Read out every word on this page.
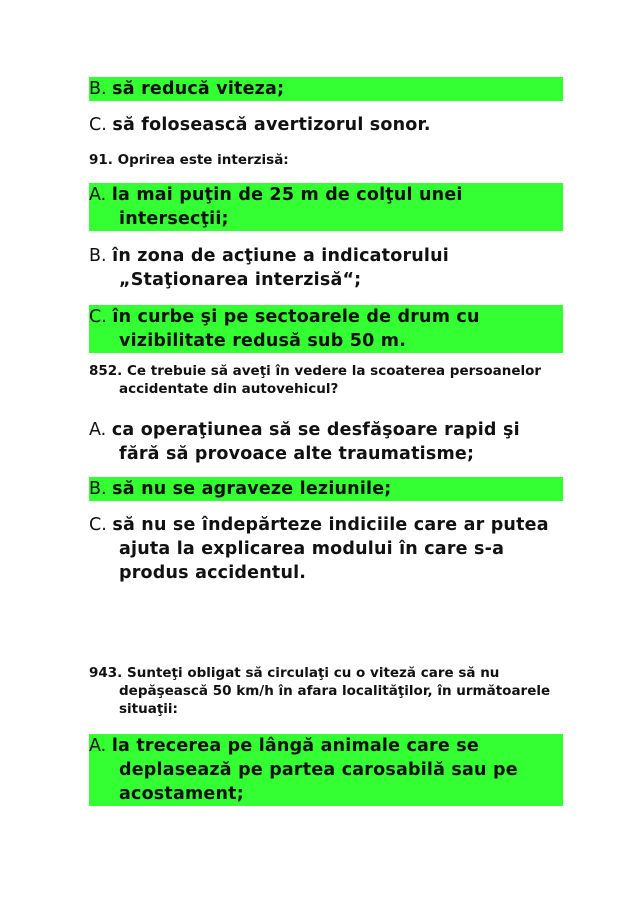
B. să reducă viteza;
C. să folosească avertizorul sonor.
91. Oprirea este interzisă:
A. la mai puţin de 25 m de colţul unei intersecţii;
B. în zona de acţiune a indicatorului „Staţionarea interzisă“;
C. în curbe şi pe sectoarele de drum cu vizibilitate redusă sub 50 m.
852. Ce trebuie să aveţi în vedere la scoaterea persoanelor accidentate din autovehicul?
A. ca operaţiunea să se desfăşoare rapid şi fără să provoace alte traumatisme;
B. să nu se agraveze leziunile;
C. să nu se îndepărteze indiciile care ar putea ajuta la explicarea modului în care s-a produs accidentul.
943. Sunteţi obligat să circulaţi cu o viteză care să nu depăşească 50 km/h în afara localităţilor, în următoarele situaţii:
A. la trecerea pe lângă animale care se deplasează pe partea carosabilă sau pe acostament;
